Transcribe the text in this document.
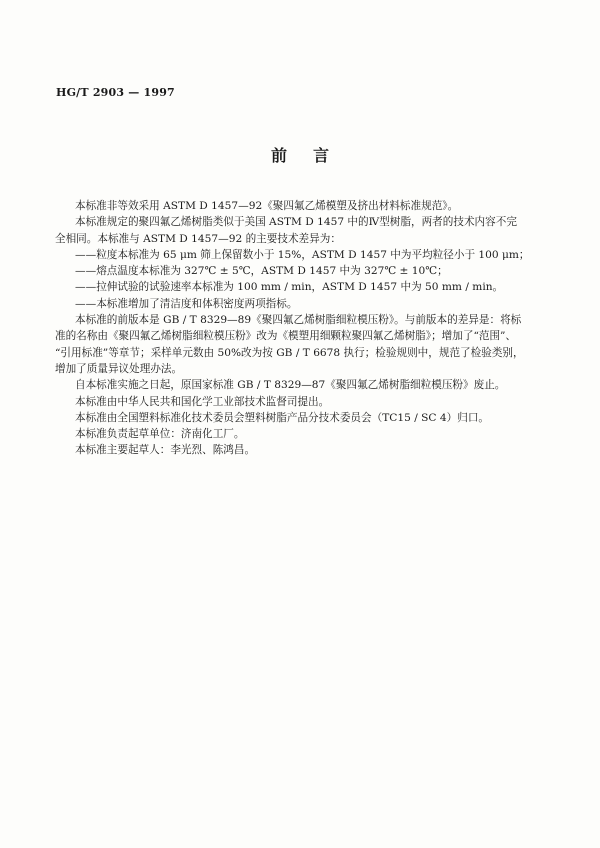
HG/T 2903 — 1997
前言
本标准非等效采用 ASTM D 1457—92《聚四氟乙烯模塑及挤出材料标准规范》。
本标准规定的聚四氟乙烯树脂类似于美国 ASTM D 1457 中的Ⅳ型树脂，两者的技术内容不完
全相同。本标准与 ASTM D 1457—92 的主要技术差异为：
——粒度本标准为 65 μm 筛上保留数小于 15%，ASTM D 1457 中为平均粒径小于 100 μm；
——熔点温度本标准为 327℃ ± 5℃，ASTM D 1457 中为 327℃ ± 10℃；
——拉伸试验的试验速率本标准为 100 mm / min，ASTM D 1457 中为 50 mm / min。
——本标准增加了清洁度和体积密度两项指标。
本标准的前版本是 GB / T 8329—89《聚四氟乙烯树脂细粒模压粉》。与前版本的差异是：将标
准的名称由《聚四氟乙烯树脂细粒模压粉》改为《模塑用细颗粒聚四氟乙烯树脂》；增加了“范围”、
“引用标准”等章节；采样单元数由 50%改为按 GB / T 6678 执行；检验规则中，规范了检验类别，
增加了质量异议处理办法。
自本标准实施之日起，原国家标准 GB / T 8329—87《聚四氟乙烯树脂细粒模压粉》废止。
本标准由中华人民共和国化学工业部技术监督司提出。
本标准由全国塑料标准化技术委员会塑料树脂产品分技术委员会（TC15 / SC 4）归口。
本标准负责起草单位：济南化工厂。
本标准主要起草人：李光烈、陈鸿昌。
